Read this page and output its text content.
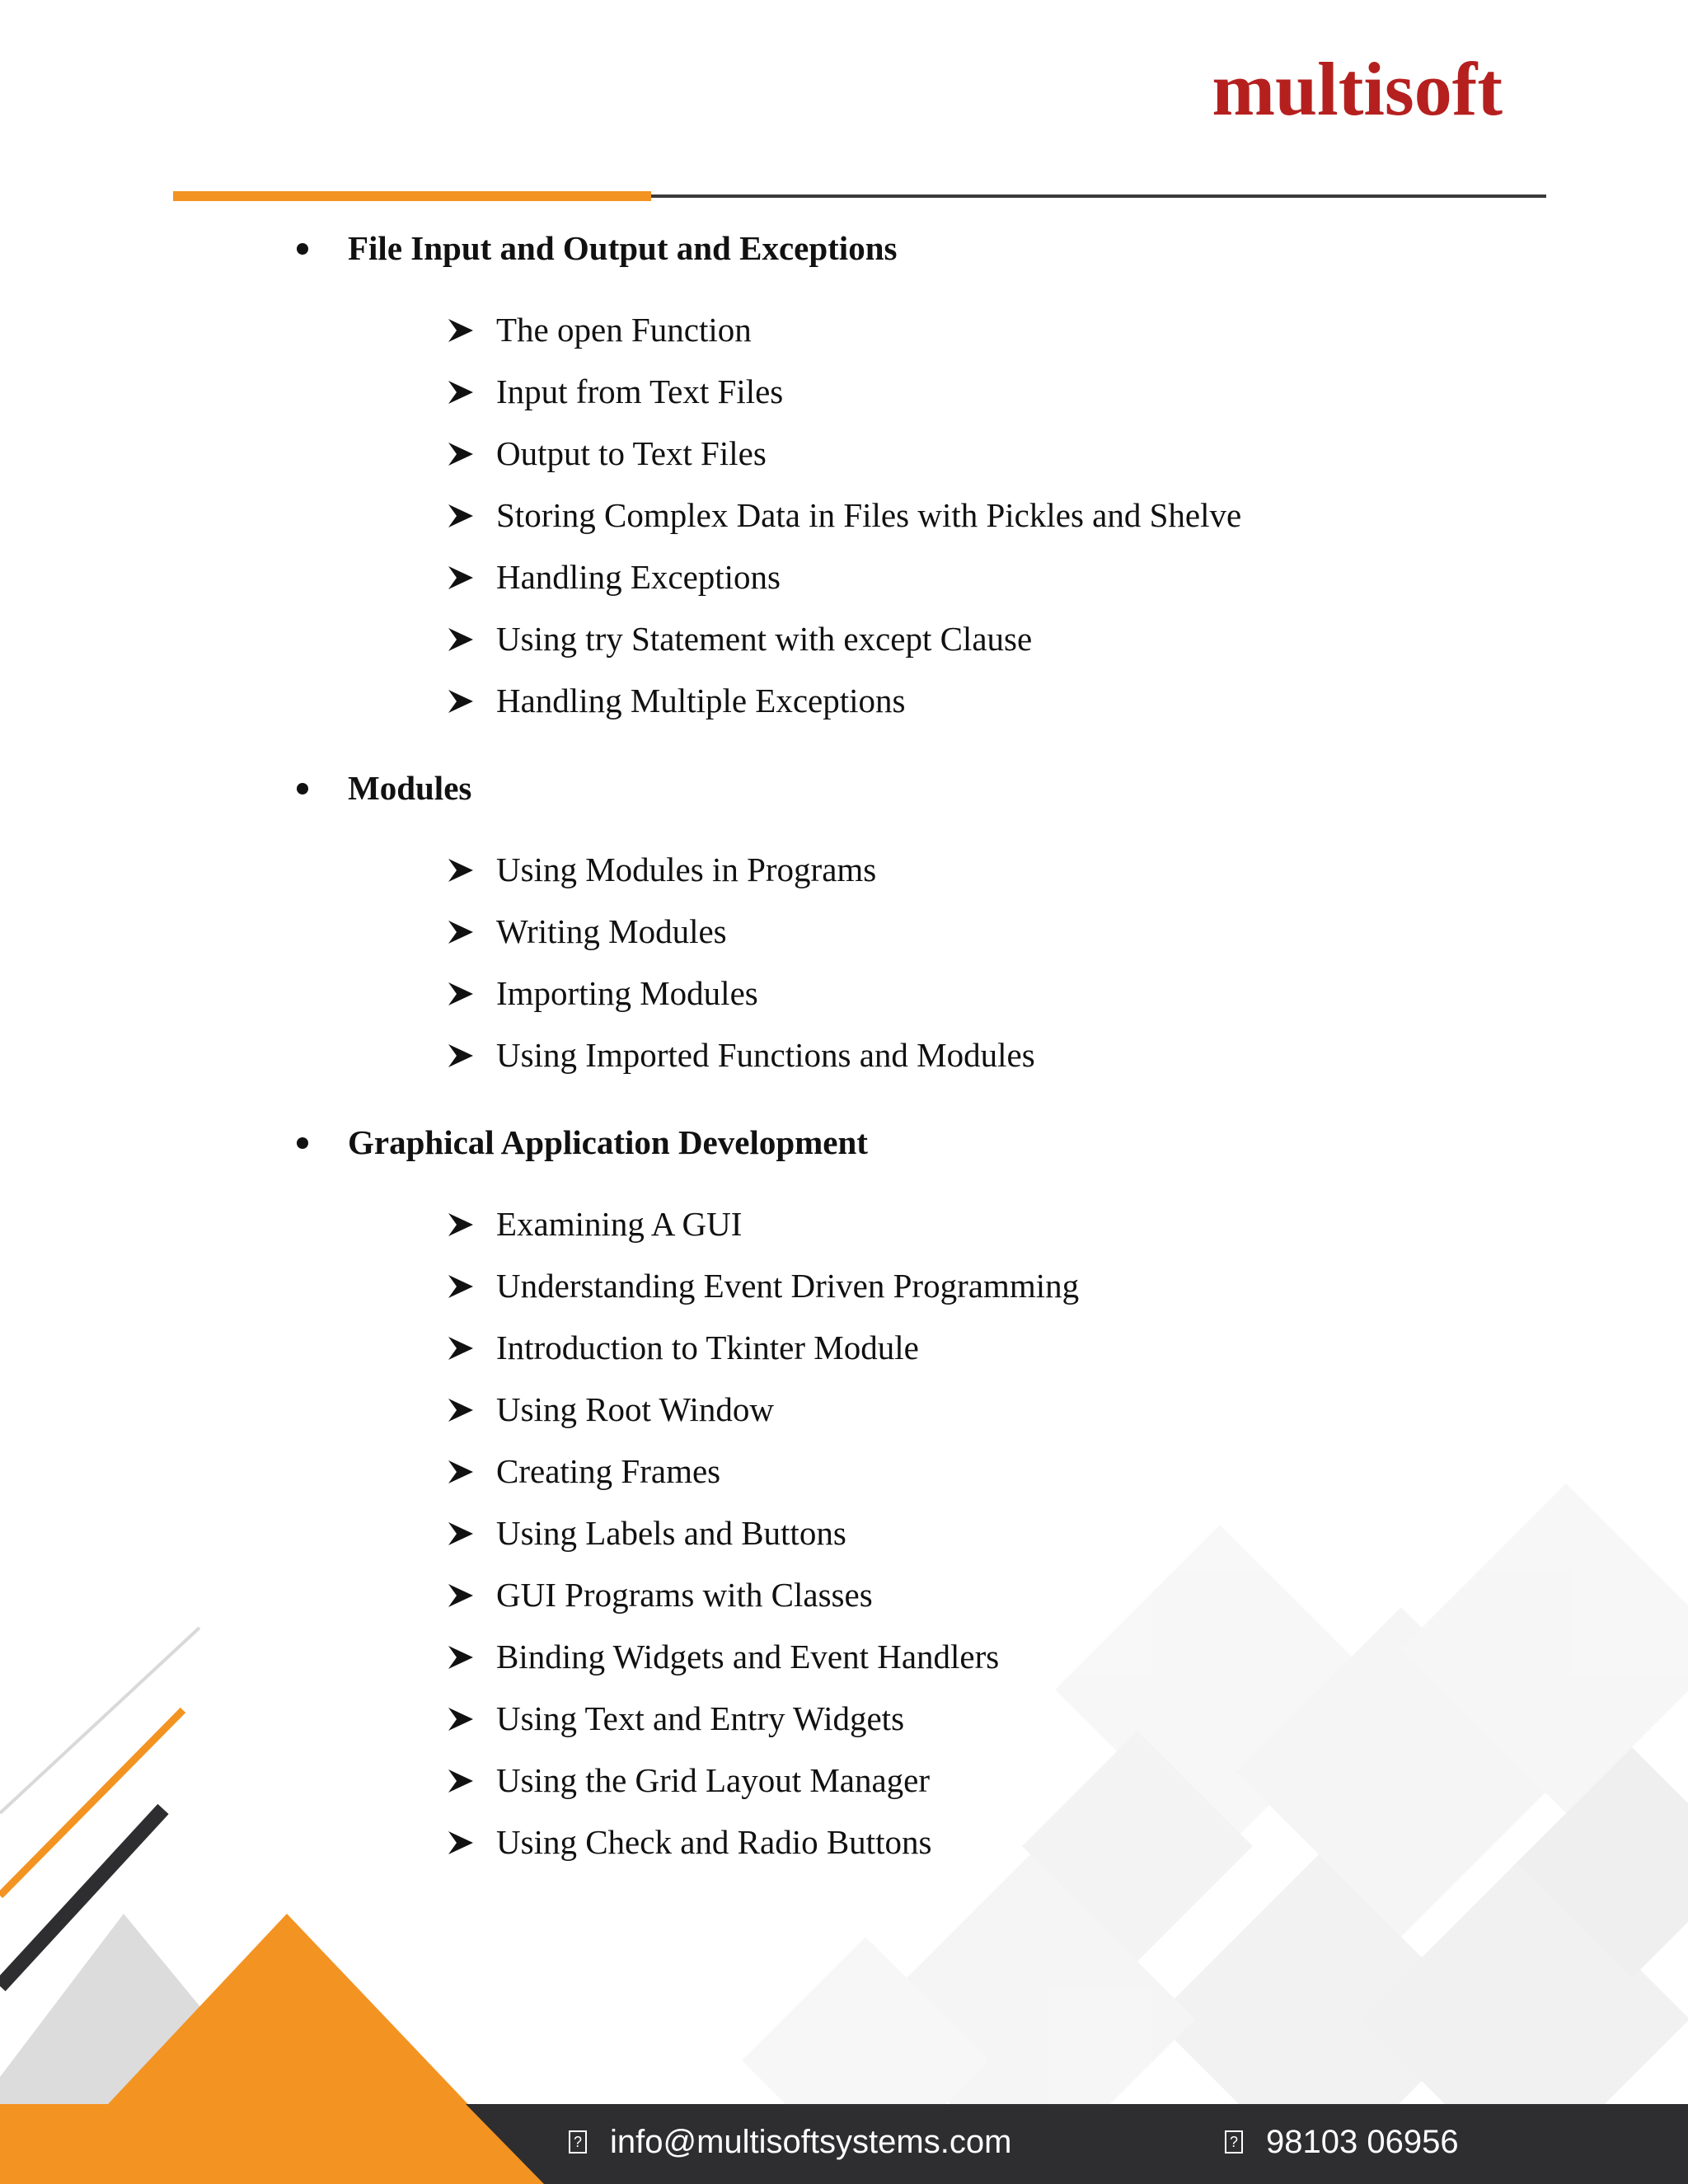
multisoft
File Input and Output and Exceptions
The open Function
Input from Text Files
Output to Text Files
Storing Complex Data in Files with Pickles and Shelve
Handling Exceptions
Using try Statement with except Clause
Handling Multiple Exceptions
Modules
Using Modules in Programs
Writing Modules
Importing Modules
Using Imported Functions and Modules
Graphical Application Development
Examining A GUI
Understanding Event Driven Programming
Introduction to Tkinter Module
Using Root Window
Creating Frames
Using Labels and Buttons
GUI Programs with Classes
Binding Widgets and Event Handlers
Using Text and Entry Widgets
Using the Grid Layout Manager
Using Check and Radio Buttons
? info@multisoftsystems.com	? 98103 06956
